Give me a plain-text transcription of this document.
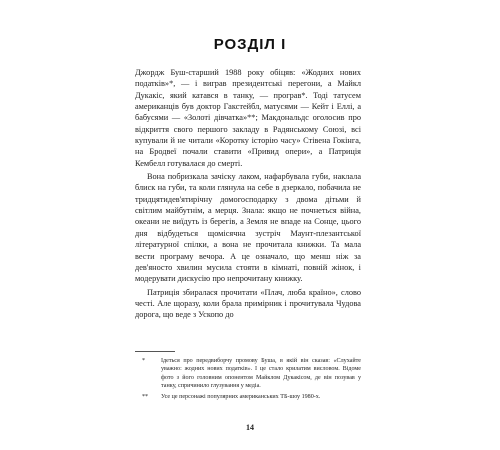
РОЗДІЛ І

Джордж Буш-старший 1988 року обіцяв: «Жодних нових податків»*, — і виграв президентські перегони, а Майкл Дукакіс, який катався в танку, — програв*. Тоді татусем американців був доктор Гакстейбл, матусями — Кейт і Еллі, а бабусями — «Золоті дівчатка»**; Макдональдс оголосив про відкриття свого першого закладу в Радянському Союзі, всі купували й не читали «Коротку історію часу» Стівена Гокінга, на Бродвеї почали ставити «Привид опери», а Патриція Кембелл готувалася до смерті.

Вона побризкала зачіску лаком, нафарбувала губи, наклала блиск на губи, та коли глянула на себе в дзеркало, побачила не тридцятидев'ятирічну домогосподарку з двома дітьми й світлим майбутнім, а мерця. Знала: якщо не почнеться війна, океани не виїдуть із берегів, а Земля не впаде на Сонце, цього дня відбудеться щомісячна зустріч Маунт-плезантської літературної спілки, а вона не прочитала книжки. Та мала вести програму вечора. А це означало, що менш ніж за дев'яносто хвилин мусила стояти в кімнаті, повній жінок, і модерувати дискусію про непрочитану книжку.

Патриція збиралася прочитати «Плач, люба країно», слово честі. Але щоразу, коли брала примірник і прочитувала Чудова дорога, що веде з Ускопо до

*	Ідеться про передвиборчу промову Буша, в якій він сказав: «Слухайте уважно: жодних нових податків». І це стало крилатим висловом. Відоме фото з його головним опонентом Майклом Дукакісом, де він позував у танку, спричинило глузування у медіа.
** Усе це персонажі популярних американських ТБ-шоу 1980-х.
14
